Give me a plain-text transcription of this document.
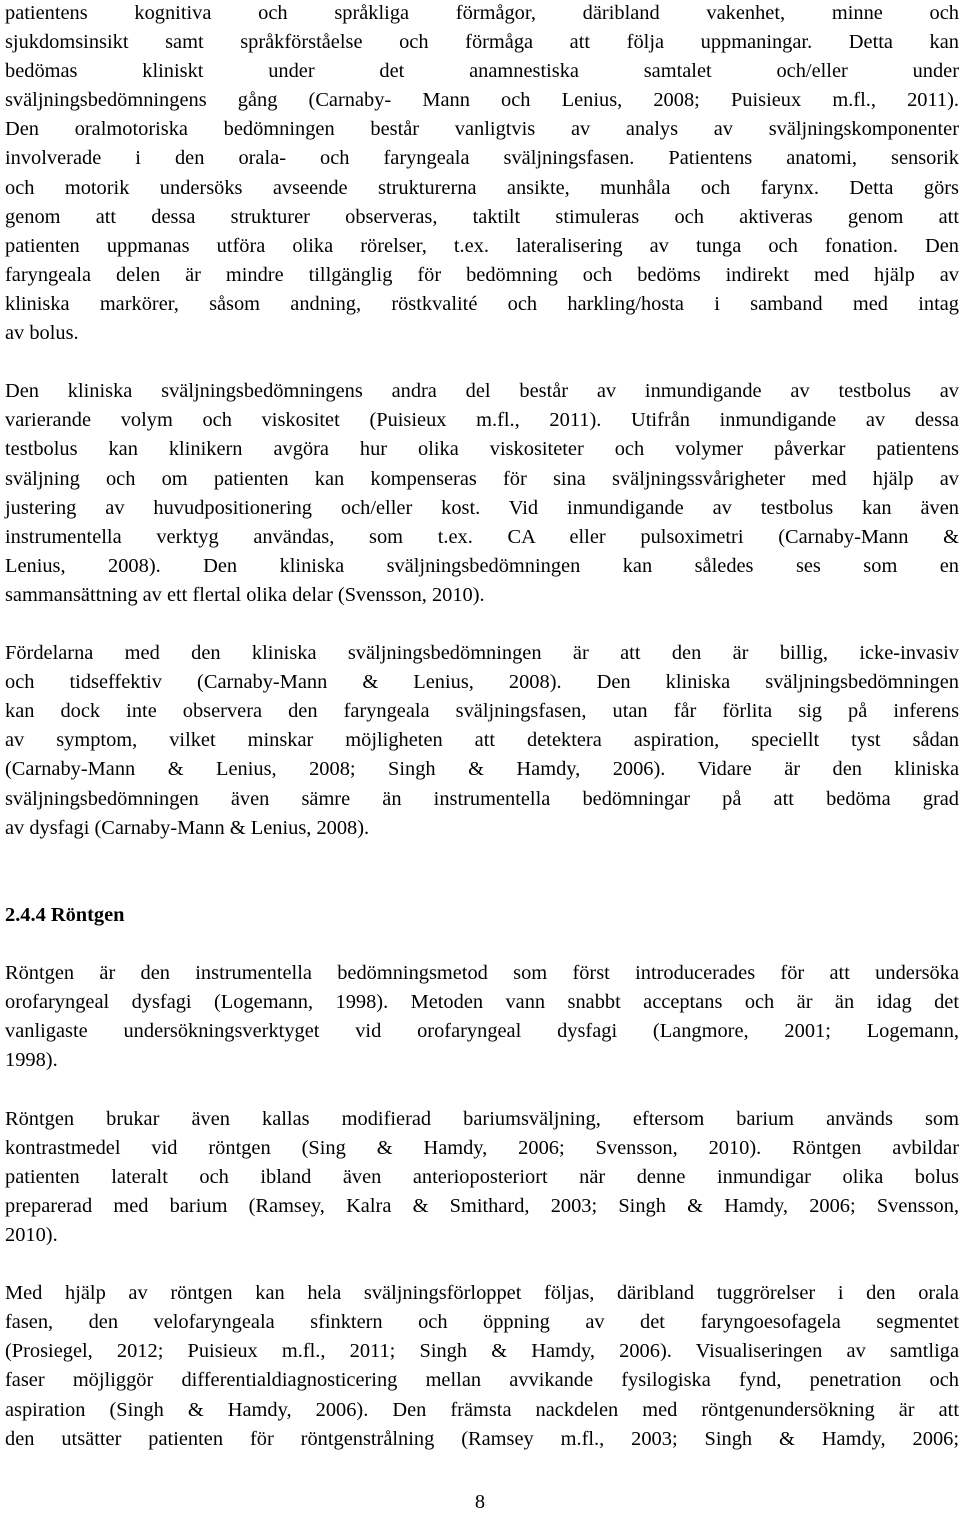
patientens kognitiva och språkliga förmågor, däribland vakenhet, minne och
sjukdomsinsikt samt språkförståelse och förmåga att följa uppmaningar. Detta kan
bedömas kliniskt under det anamnestiska samtalet och/eller under
sväljningsbedömningens gång (Carnaby- Mann och Lenius, 2008; Puisieux m.fl., 2011).
Den oralmotoriska bedömningen består vanligtvis av analys av sväljningskomponenter
involverade i den orala- och faryngeala sväljningsfasen. Patientens anatomi, sensorik
och motorik undersöks avseende strukturerna ansikte, munhåla och farynx. Detta görs
genom att dessa strukturer observeras, taktilt stimuleras och aktiveras genom att
patienten uppmanas utföra olika rörelser, t.ex. lateralisering av tunga och fonation. Den
faryngeala delen är mindre tillgänglig för bedömning och bedöms indirekt med hjälp av
kliniska markörer, såsom andning, röstkvalité och harkling/hosta i samband med intag
av bolus.
Den kliniska sväljningsbedömningens andra del består av inmundigande av testbolus av
varierande volym och viskositet (Puisieux m.fl., 2011). Utifrån inmundigande av dessa
testbolus kan klinikern avgöra hur olika viskositeter och volymer påverkar patientens
sväljning och om patienten kan kompenseras för sina sväljningssvårigheter med hjälp av
justering av huvudpositionering och/eller kost. Vid inmundigande av testbolus kan även
instrumentella verktyg användas, som t.ex. CA eller pulsoximetri (Carnaby-Mann &
Lenius, 2008). Den kliniska sväljningsbedömningen kan således ses som en
sammansättning av ett flertal olika delar (Svensson, 2010).
Fördelarna med den kliniska sväljningsbedömningen är att den är billig, icke-invasiv
och tidseffektiv (Carnaby-Mann & Lenius, 2008). Den kliniska sväljningsbedömningen
kan dock inte observera den faryngeala sväljningsfasen, utan får förlita sig på inferens
av symptom, vilket minskar möjligheten att detektera aspiration, speciellt tyst sådan
(Carnaby-Mann & Lenius, 2008; Singh & Hamdy, 2006). Vidare är den kliniska
sväljningsbedömningen även sämre än instrumentella bedömningar på att bedöma grad
av dysfagi (Carnaby-Mann & Lenius, 2008).
2.4.4 Röntgen
Röntgen är den instrumentella bedömningsmetod som först introducerades för att undersöka
orofaryngeal dysfagi (Logemann, 1998). Metoden vann snabbt acceptans och är än idag det
vanligaste undersökningsverktyget vid orofaryngeal dysfagi (Langmore, 2001; Logemann,
1998).
Röntgen brukar även kallas modifierad bariumsväljning, eftersom barium används som
kontrastmedel vid röntgen (Sing & Hamdy, 2006; Svensson, 2010). Röntgen avbildar
patienten lateralt och ibland även anterioposteriort när denne inmundigar olika bolus
preparerad med barium (Ramsey, Kalra & Smithard, 2003; Singh & Hamdy, 2006; Svensson,
2010).
Med hjälp av röntgen kan hela sväljningsförloppet följas, däribland tuggrörelser i den orala
fasen, den velofaryngeala sfinktern och öppning av det faryngoesofagela segmentet
(Prosiegel, 2012; Puisieux m.fl., 2011; Singh & Hamdy, 2006). Visualiseringen av samtliga
faser möjliggör differentialdiagnosticering mellan avvikande fysilogiska fynd, penetration och
aspiration (Singh & Hamdy, 2006). Den främsta nackdelen med röntgenundersökning är att
den utsätter patienten för röntgenstrålning (Ramsey m.fl., 2003; Singh & Hamdy, 2006;
8
